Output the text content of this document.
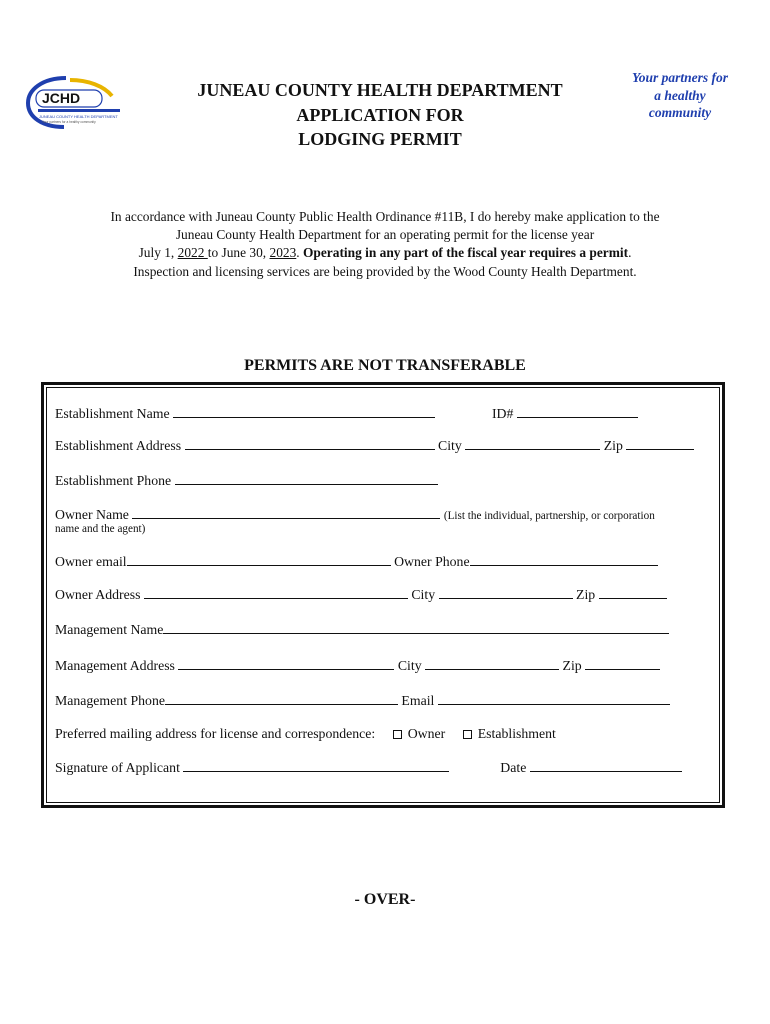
JCHD
JUNEAU COUNTY HEALTH DEPARTMENT
Your partners for a healthy community
JUNEAU COUNTY HEALTH DEPARTMENT
APPLICATION FOR
LODGING PERMIT
Your partners for
a healthy
community
In accordance with Juneau County Public Health Ordinance #11B, I do hereby make application to the
Juneau County Health Department for an operating permit for the license year
July 1, 2022 to June 30, 2023. Operating in any part of the fiscal year requires a permit.
Inspection and licensing services are being provided by the Wood County Health Department.
PERMITS ARE NOT TRANSFERABLE
Establishment Name	ID#
Establishment Address	City	Zip
Establishment Phone
Owner Name	(List the individual, partnership, or corporation
name and the agent)
Owner email	Owner Phone
Owner Address	City	Zip
Management Name
Management Address	City	Zip
Management Phone	Email
Preferred mailing address for license and correspondence: Owner Establishment
Signature of Applicant	Date
- OVER-
